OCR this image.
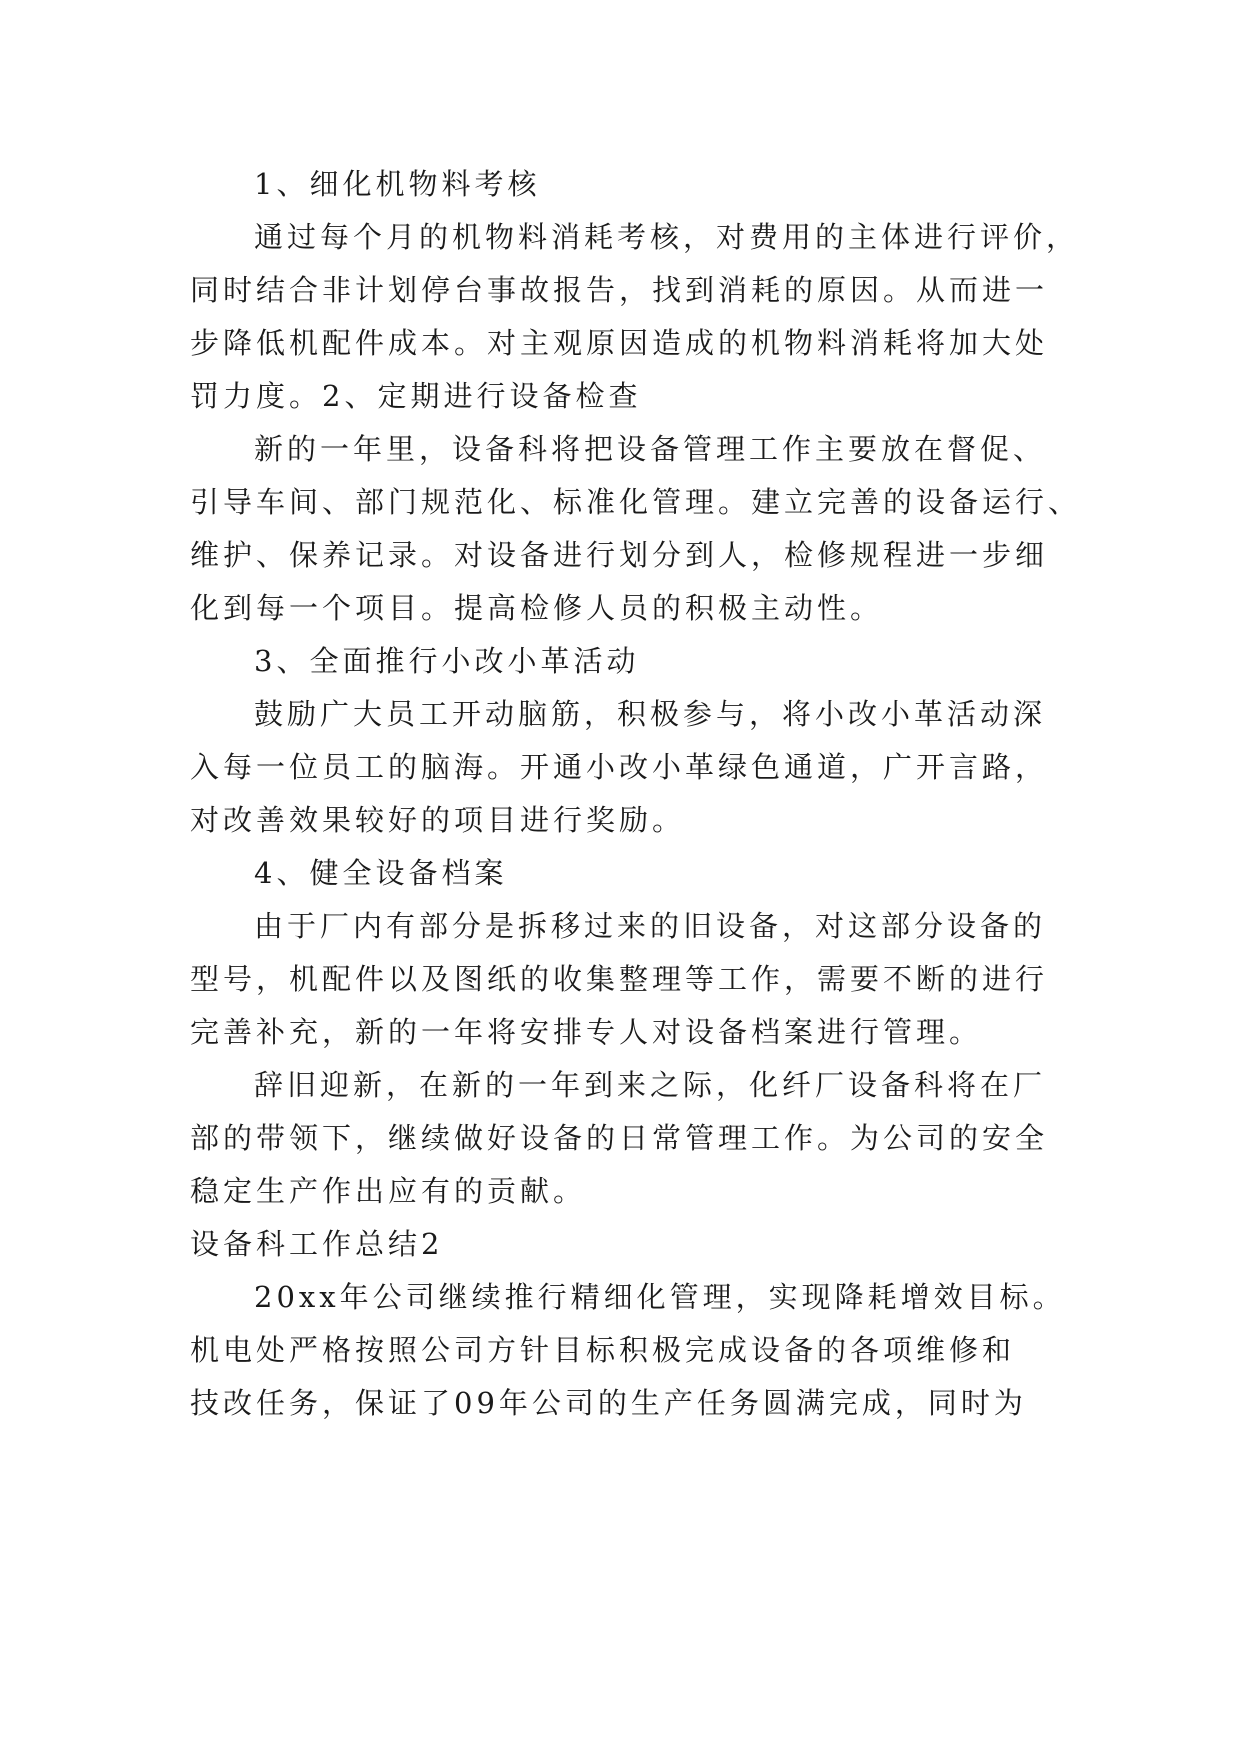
1、细化机物料考核
通过每个月的机物料消耗考核，对费用的主体进行评价，
同时结合非计划停台事故报告，找到消耗的原因。从而进一
步降低机配件成本。对主观原因造成的机物料消耗将加大处
罚力度。2、定期进行设备检查
新的一年里，设备科将把设备管理工作主要放在督促、
引导车间、部门规范化、标准化管理。建立完善的设备运行、
维护、保养记录。对设备进行划分到人，检修规程进一步细
化到每一个项目。提高检修人员的积极主动性。
3、全面推行小改小革活动
鼓励广大员工开动脑筋，积极参与，将小改小革活动深
入每一位员工的脑海。开通小改小革绿色通道，广开言路，
对改善效果较好的项目进行奖励。
4、健全设备档案
由于厂内有部分是拆移过来的旧设备，对这部分设备的
型号，机配件以及图纸的收集整理等工作，需要不断的进行
完善补充，新的一年将安排专人对设备档案进行管理。
辞旧迎新，在新的一年到来之际，化纤厂设备科将在厂
部的带领下，继续做好设备的日常管理工作。为公司的安全
稳定生产作出应有的贡献。
设备科工作总结2
20xx年公司继续推行精细化管理，实现降耗增效目标。
机电处严格按照公司方针目标积极完成设备的各项维修和
技改任务，保证了09年公司的生产任务圆满完成，同时为
